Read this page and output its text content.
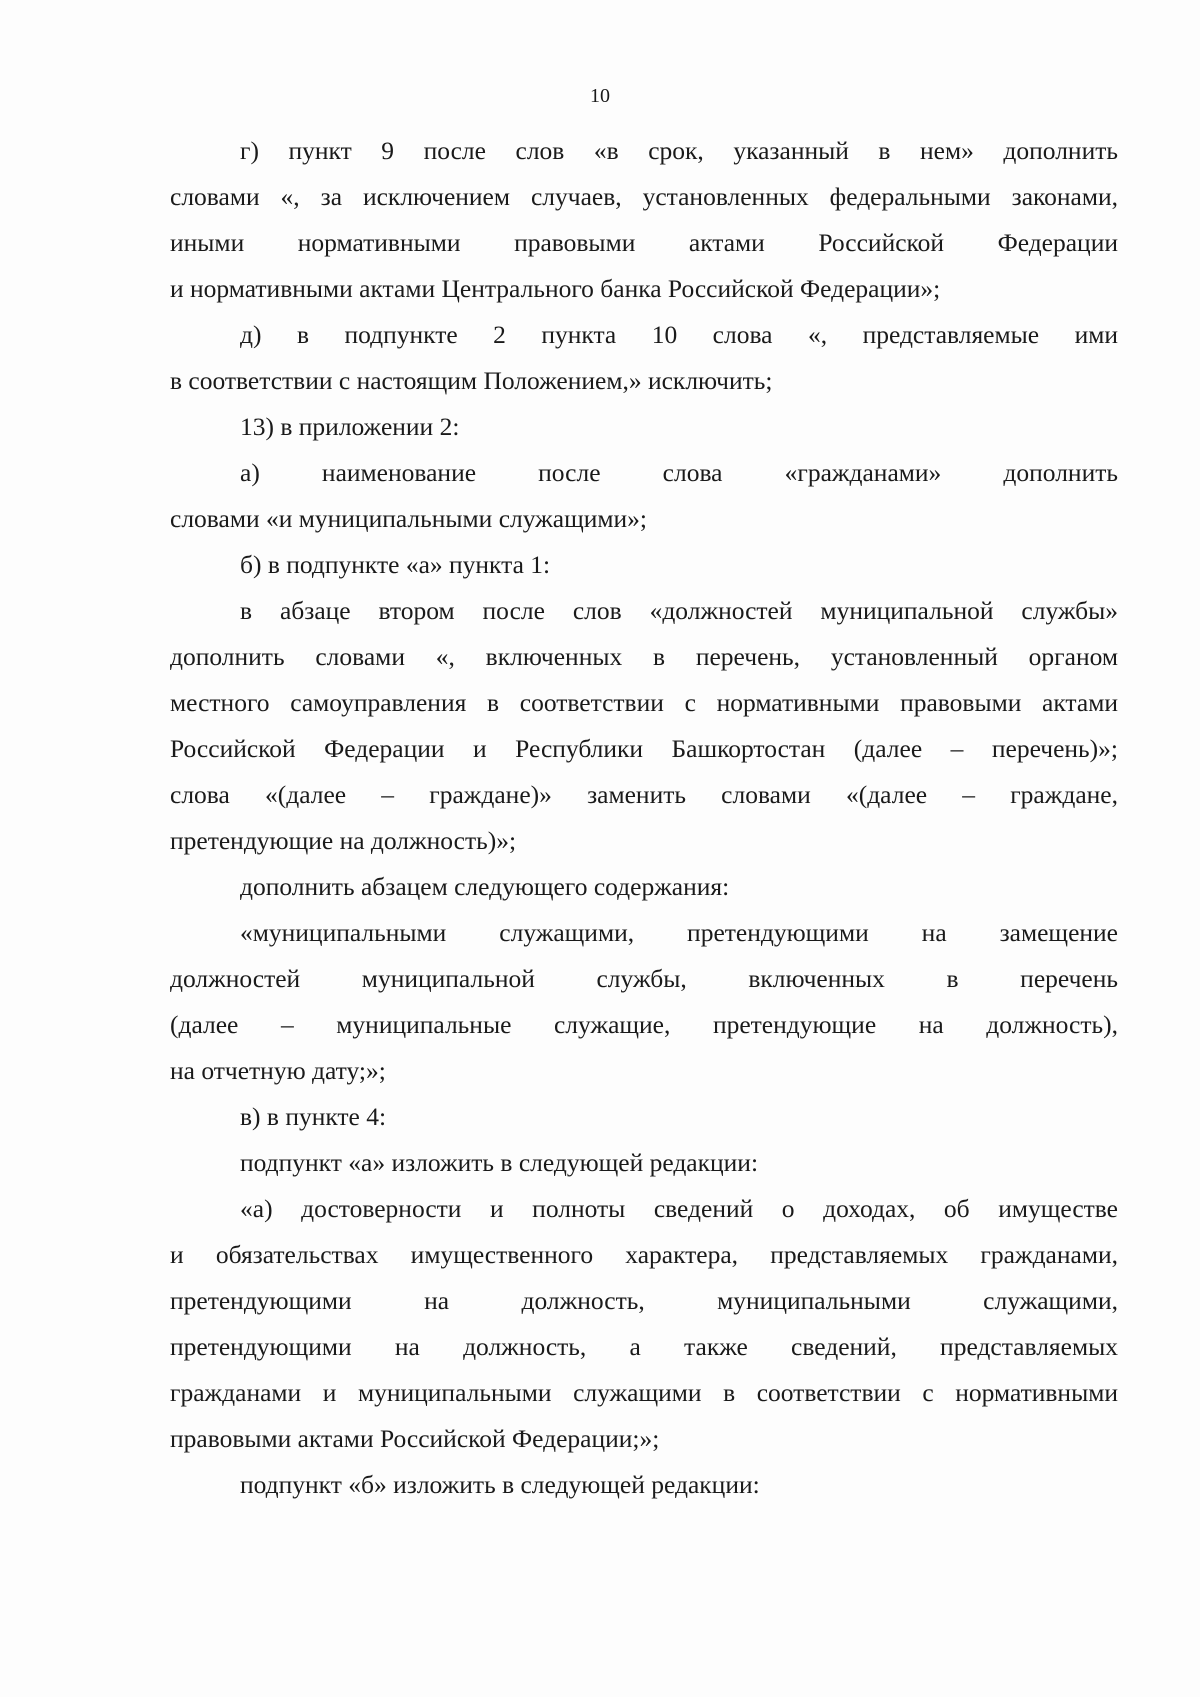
10
г) пункт 9 после слов «в срок, указанный в нем» дополнить
словами «, за исключением случаев, установленных федеральными законами,
иными нормативными правовыми актами Российской Федерации
и нормативными актами Центрального банка Российской Федерации»;
д) в подпункте 2 пункта 10 слова «, представляемые ими
в соответствии с настоящим Положением,» исключить;
13) в приложении 2:
а) наименование после слова «гражданами» дополнить
словами «и муниципальными служащими»;
б) в подпункте «а» пункта 1:
в абзаце втором после слов «должностей муниципальной службы»
дополнить словами «, включенных в перечень, установленный органом
местного самоуправления в соответствии с нормативными правовыми актами
Российской Федерации и Республики Башкортостан (далее – перечень)»;
слова «(далее – граждане)» заменить словами «(далее – граждане,
претендующие на должность)»;
дополнить абзацем следующего содержания:
«муниципальными служащими, претендующими на замещение
должностей муниципальной службы, включенных в перечень
(далее – муниципальные служащие, претендующие на должность),
на отчетную дату;»;
в) в пункте 4:
подпункт «а» изложить в следующей редакции:
«а) достоверности и полноты сведений о доходах, об имуществе
и обязательствах имущественного характера, представляемых гражданами,
претендующими на должность, муниципальными служащими,
претендующими на должность, а также сведений, представляемых
гражданами и муниципальными служащими в соответствии с нормативными
правовыми актами Российской Федерации;»;
подпункт «б» изложить в следующей редакции:
